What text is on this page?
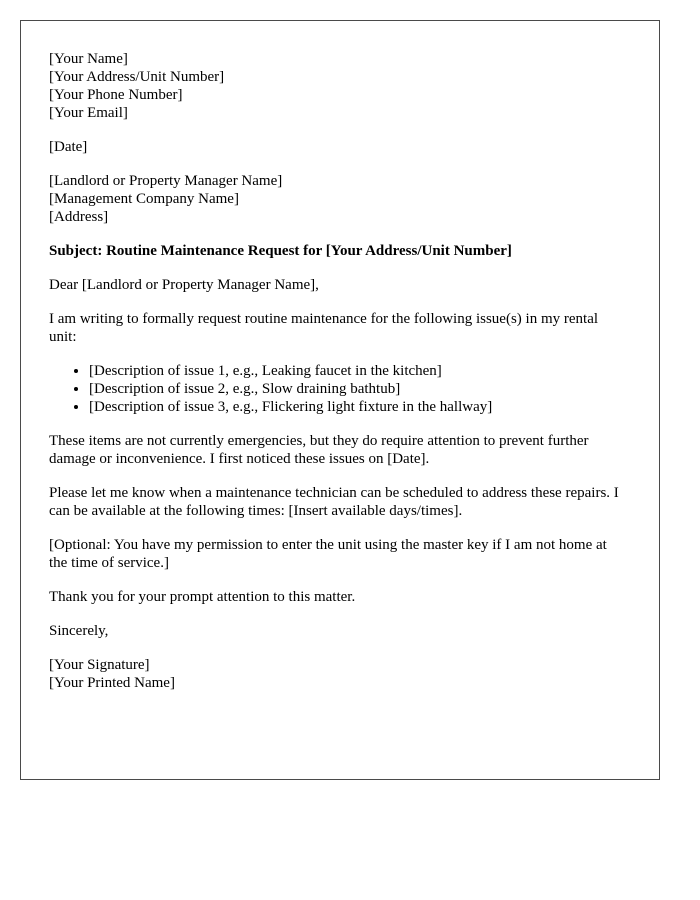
[Your Name]
[Your Address/Unit Number]
[Your Phone Number]
[Your Email]
[Date]
[Landlord or Property Manager Name]
[Management Company Name]
[Address]

Subject: Routine Maintenance Request for [Your Address/Unit Number]

Dear [Landlord or Property Manager Name],

I am writing to formally request routine maintenance for the following issue(s) in my rental unit:

• [Description of issue 1, e.g., Leaking faucet in the kitchen]
• [Description of issue 2, e.g., Slow draining bathtub]
• [Description of issue 3, e.g., Flickering light fixture in the hallway]

These items are not currently emergencies, but they do require attention to prevent further damage or inconvenience. I first noticed these issues on [Date].

Please let me know when a maintenance technician can be scheduled to address these repairs. I can be available at the following times: [Insert available days/times].

[Optional: You have my permission to enter the unit using the master key if I am not home at the time of service.]

Thank you for your prompt attention to this matter.

Sincerely,

[Your Signature]
[Your Printed Name]
